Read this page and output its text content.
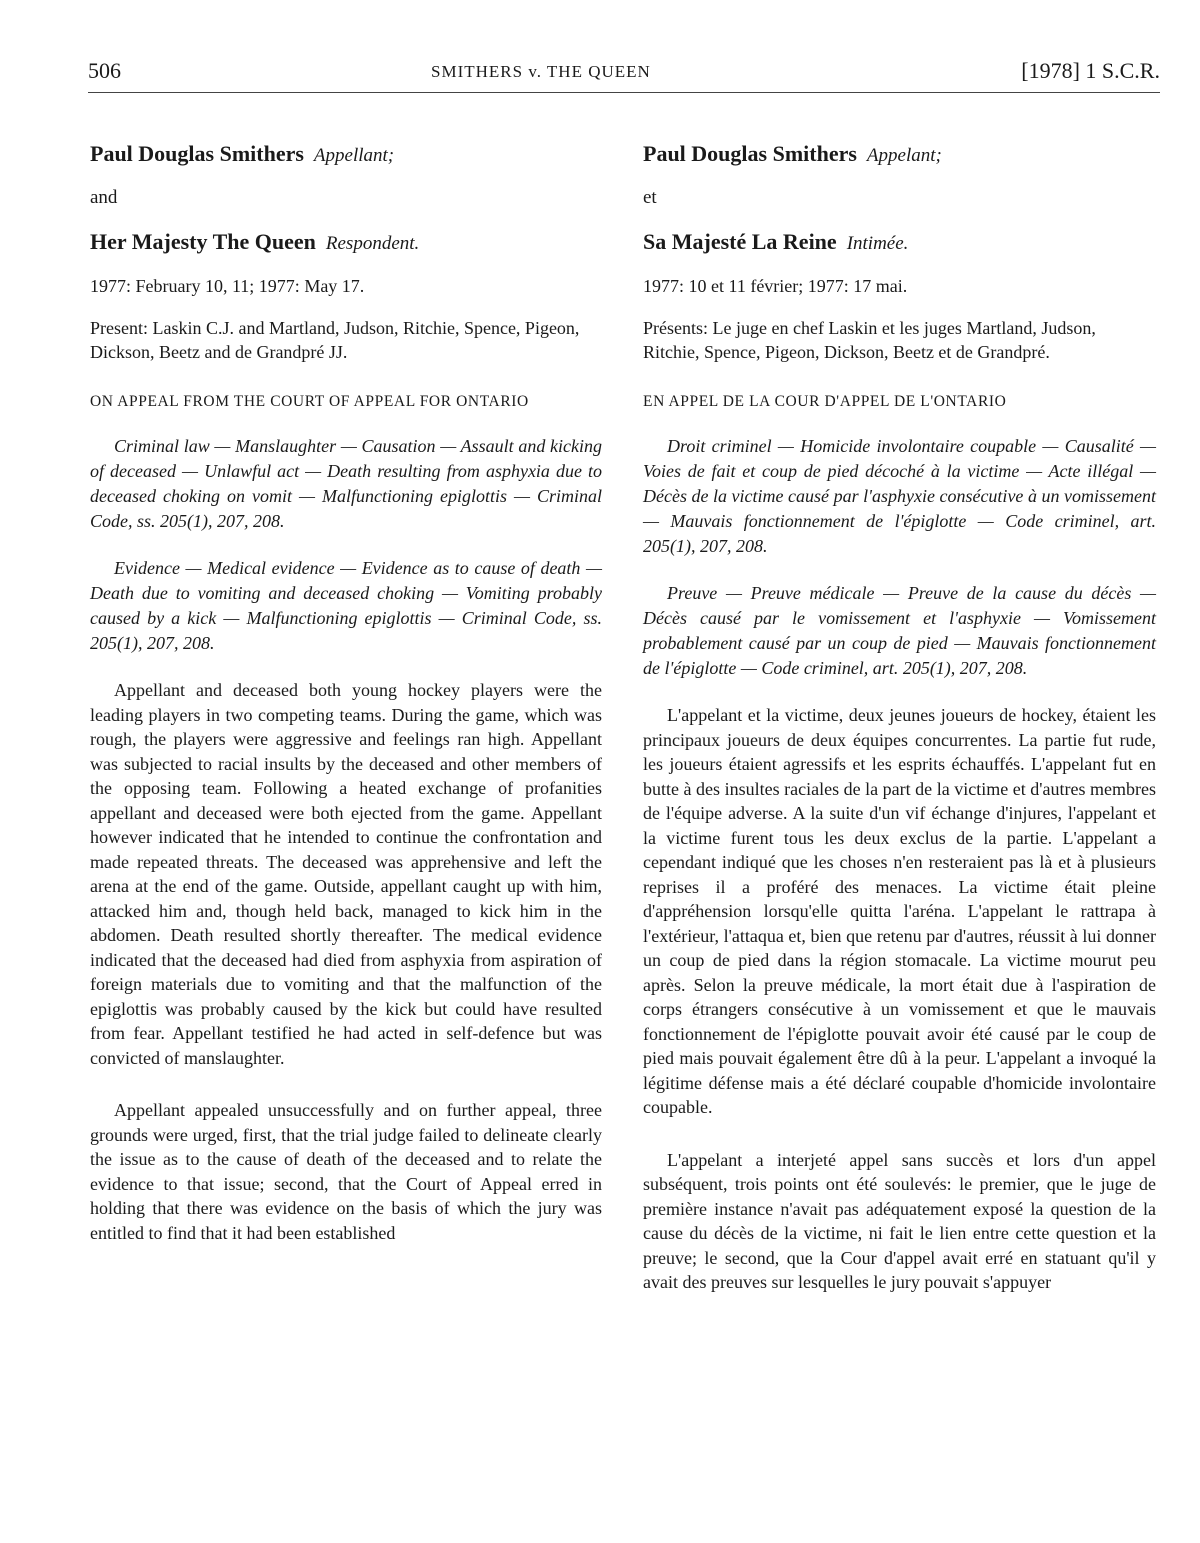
506	SMITHERS v. THE QUEEN	[1978] 1 S.C.R.
Paul Douglas Smithers Appellant;
and
Her Majesty The Queen Respondent.
1977: February 10, 11; 1977: May 17.
Present: Laskin C.J. and Martland, Judson, Ritchie, Spence, Pigeon, Dickson, Beetz and de Grandpré JJ.
ON APPEAL FROM THE COURT OF APPEAL FOR ONTARIO

Criminal law — Manslaughter — Causation — Assault and kicking of deceased — Unlawful act — Death resulting from asphyxia due to deceased choking on vomit — Malfunctioning epiglottis — Criminal Code, ss. 205(1), 207, 208.

Evidence — Medical evidence — Evidence as to cause of death — Death due to vomiting and deceased choking — Vomiting probably caused by a kick — Malfunctioning epiglottis — Criminal Code, ss. 205(1), 207, 208.

Appellant and deceased both young hockey players were the leading players in two competing teams. During the game, which was rough, the players were aggressive and feelings ran high. Appellant was subjected to racial insults by the deceased and other members of the opposing team. Following a heated exchange of profanities appellant and deceased were both ejected from the game. Appellant however indicated that he intended to continue the confrontation and made repeated threats. The deceased was apprehensive and left the arena at the end of the game. Outside, appellant caught up with him, attacked him and, though held back, managed to kick him in the abdomen. Death resulted shortly thereafter. The medical evidence indicated that the deceased had died from asphyxia from aspiration of foreign materials due to vomiting and that the malfunction of the epiglottis was probably caused by the kick but could have resulted from fear. Appellant testified he had acted in self-defence but was convicted of manslaughter.

Appellant appealed unsuccessfully and on further appeal, three grounds were urged, first, that the trial judge failed to delineate clearly the issue as to the cause of death of the deceased and to relate the evidence to that issue; second, that the Court of Appeal erred in holding that there was evidence on the basis of which the jury was entitled to find that it had been established

Paul Douglas Smithers Appelant;
et
Sa Majesté La Reine Intimée.
1977: 10 et 11 février; 1977: 17 mai.
Présents: Le juge en chef Laskin et les juges Martland, Judson, Ritchie, Spence, Pigeon, Dickson, Beetz et de Grandpré.
EN APPEL DE LA COUR D'APPEL DE L'ONTARIO

Droit criminel — Homicide involontaire coupable — Causalité — Voies de fait et coup de pied décoché à la victime — Acte illégal — Décès de la victime causé par l'asphyxie consécutive à un vomissement — Mauvais fonctionnement de l'épiglotte — Code criminel, art. 205(1), 207, 208.

Preuve — Preuve médicale — Preuve de la cause du décès — Décès causé par le vomissement et l'asphyxie — Vomissement probablement causé par un coup de pied — Mauvais fonctionnement de l'épiglotte — Code criminel, art. 205(1), 207, 208.

L'appelant et la victime, deux jeunes joueurs de hockey, étaient les principaux joueurs de deux équipes concurrentes. La partie fut rude, les joueurs étaient agressifs et les esprits échauffés. L'appelant fut en butte à des insultes raciales de la part de la victime et d'autres membres de l'équipe adverse. A la suite d'un vif échange d'injures, l'appelant et la victime furent tous les deux exclus de la partie. L'appelant a cependant indiqué que les choses n'en resteraient pas là et à plusieurs reprises il a proféré des menaces. La victime était pleine d'appréhension lorsqu'elle quitta l'aréna. L'appelant le rattrapa à l'extérieur, l'attaqua et, bien que retenu par d'autres, réussit à lui donner un coup de pied dans la région stomacale. La victime mourut peu après. Selon la preuve médicale, la mort était due à l'aspiration de corps étrangers consécutive à un vomissement et que le mauvais fonctionnement de l'épiglotte pouvait avoir été causé par le coup de pied mais pouvait également être dû à la peur. L'appelant a invoqué la légitime défense mais a été déclaré coupable d'homicide involontaire coupable.

L'appelant a interjeté appel sans succès et lors d'un appel subséquent, trois points ont été soulevés: le premier, que le juge de première instance n'avait pas adéquatement exposé la question de la cause du décès de la victime, ni fait le lien entre cette question et la preuve; le second, que la Cour d'appel avait erré en statuant qu'il y avait des preuves sur lesquelles le jury pouvait s'appuyer
